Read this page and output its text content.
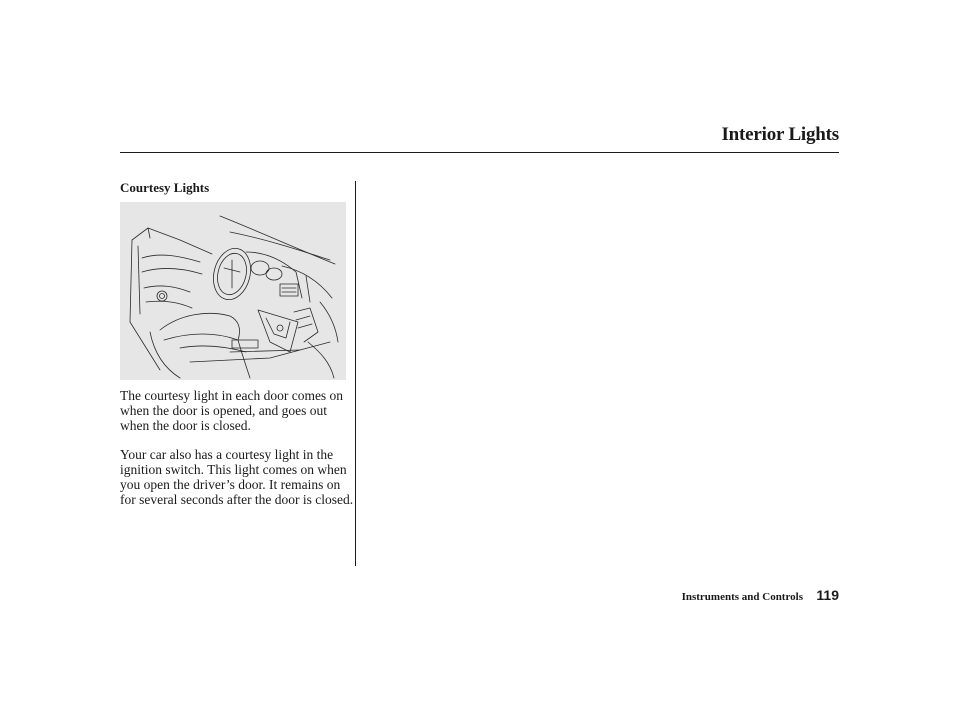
Interior Lights
Courtesy Lights

The courtesy light in each door comes on when the door is opened, and goes out when the door is closed.

Your car also has a courtesy light in the ignition switch. This light comes on when you open the driver’s door. It remains on for several seconds after the door is closed.

Instruments and Controls 119
